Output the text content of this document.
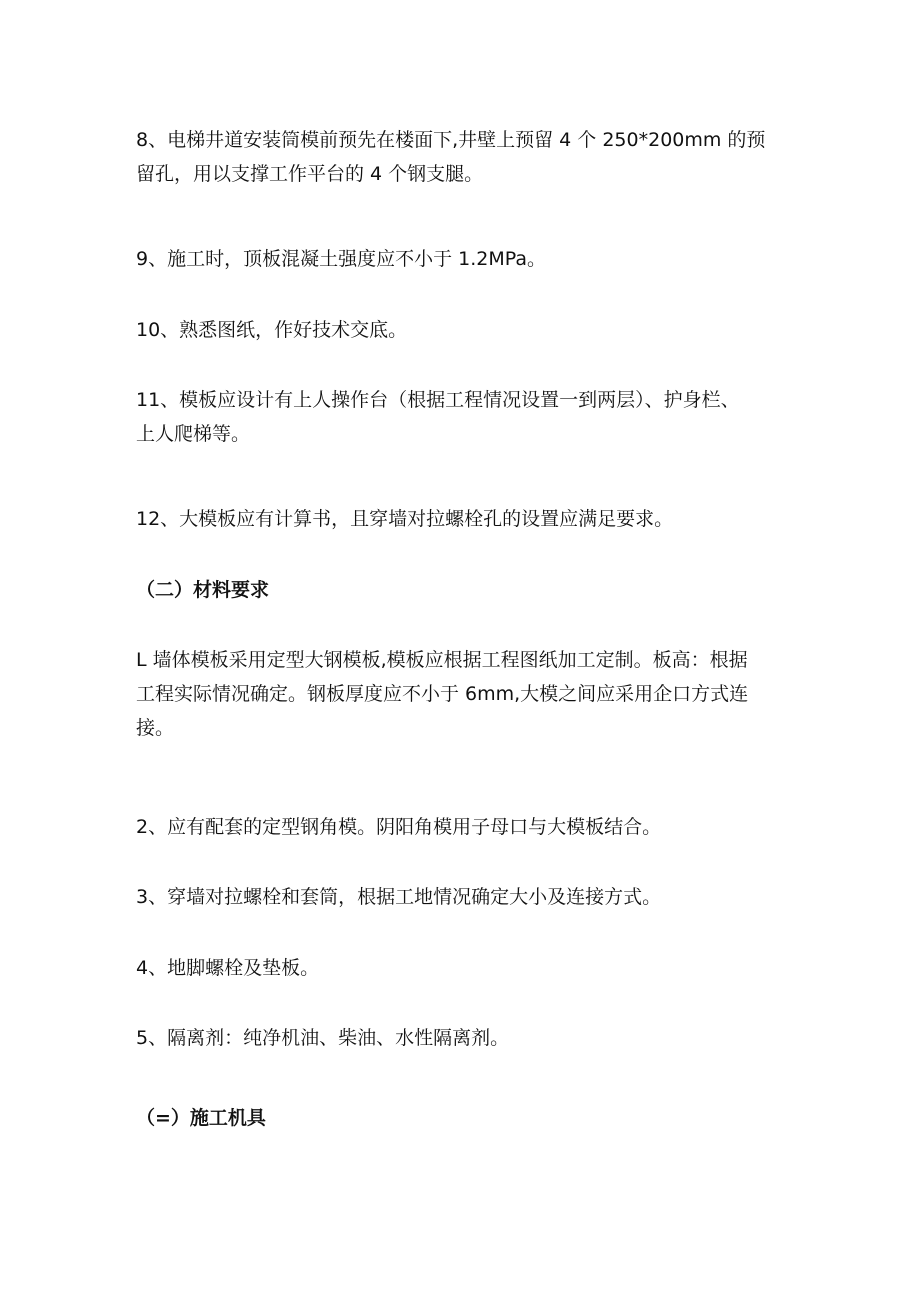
8、电梯井道安装筒模前预先在楼面下,井壁上预留 4 个 250*200mm 的预
留孔，用以支撑工作平台的 4 个钢支腿。

9、施工时，顶板混凝土强度应不小于 1.2MPa。

10、熟悉图纸，作好技术交底。

11、模板应设计有上人操作台（根据工程情况设置一到两层）、护身栏、
上人爬梯等。

12、大模板应有计算书，且穿墙对拉螺栓孔的设置应满足要求。

（二）材料要求

L 墙体模板采用定型大钢模板,模板应根据工程图纸加工定制。板高：根据
工程实际情况确定。钢板厚度应不小于 6mm,大模之间应采用企口方式连
接。

2、应有配套的定型钢角模。阴阳角模用子母口与大模板结合。

3、穿墙对拉螺栓和套筒，根据工地情况确定大小及连接方式。

4、地脚螺栓及垫板。

5、隔离剂：纯净机油、柴油、水性隔离剂。

（=）施工机具
